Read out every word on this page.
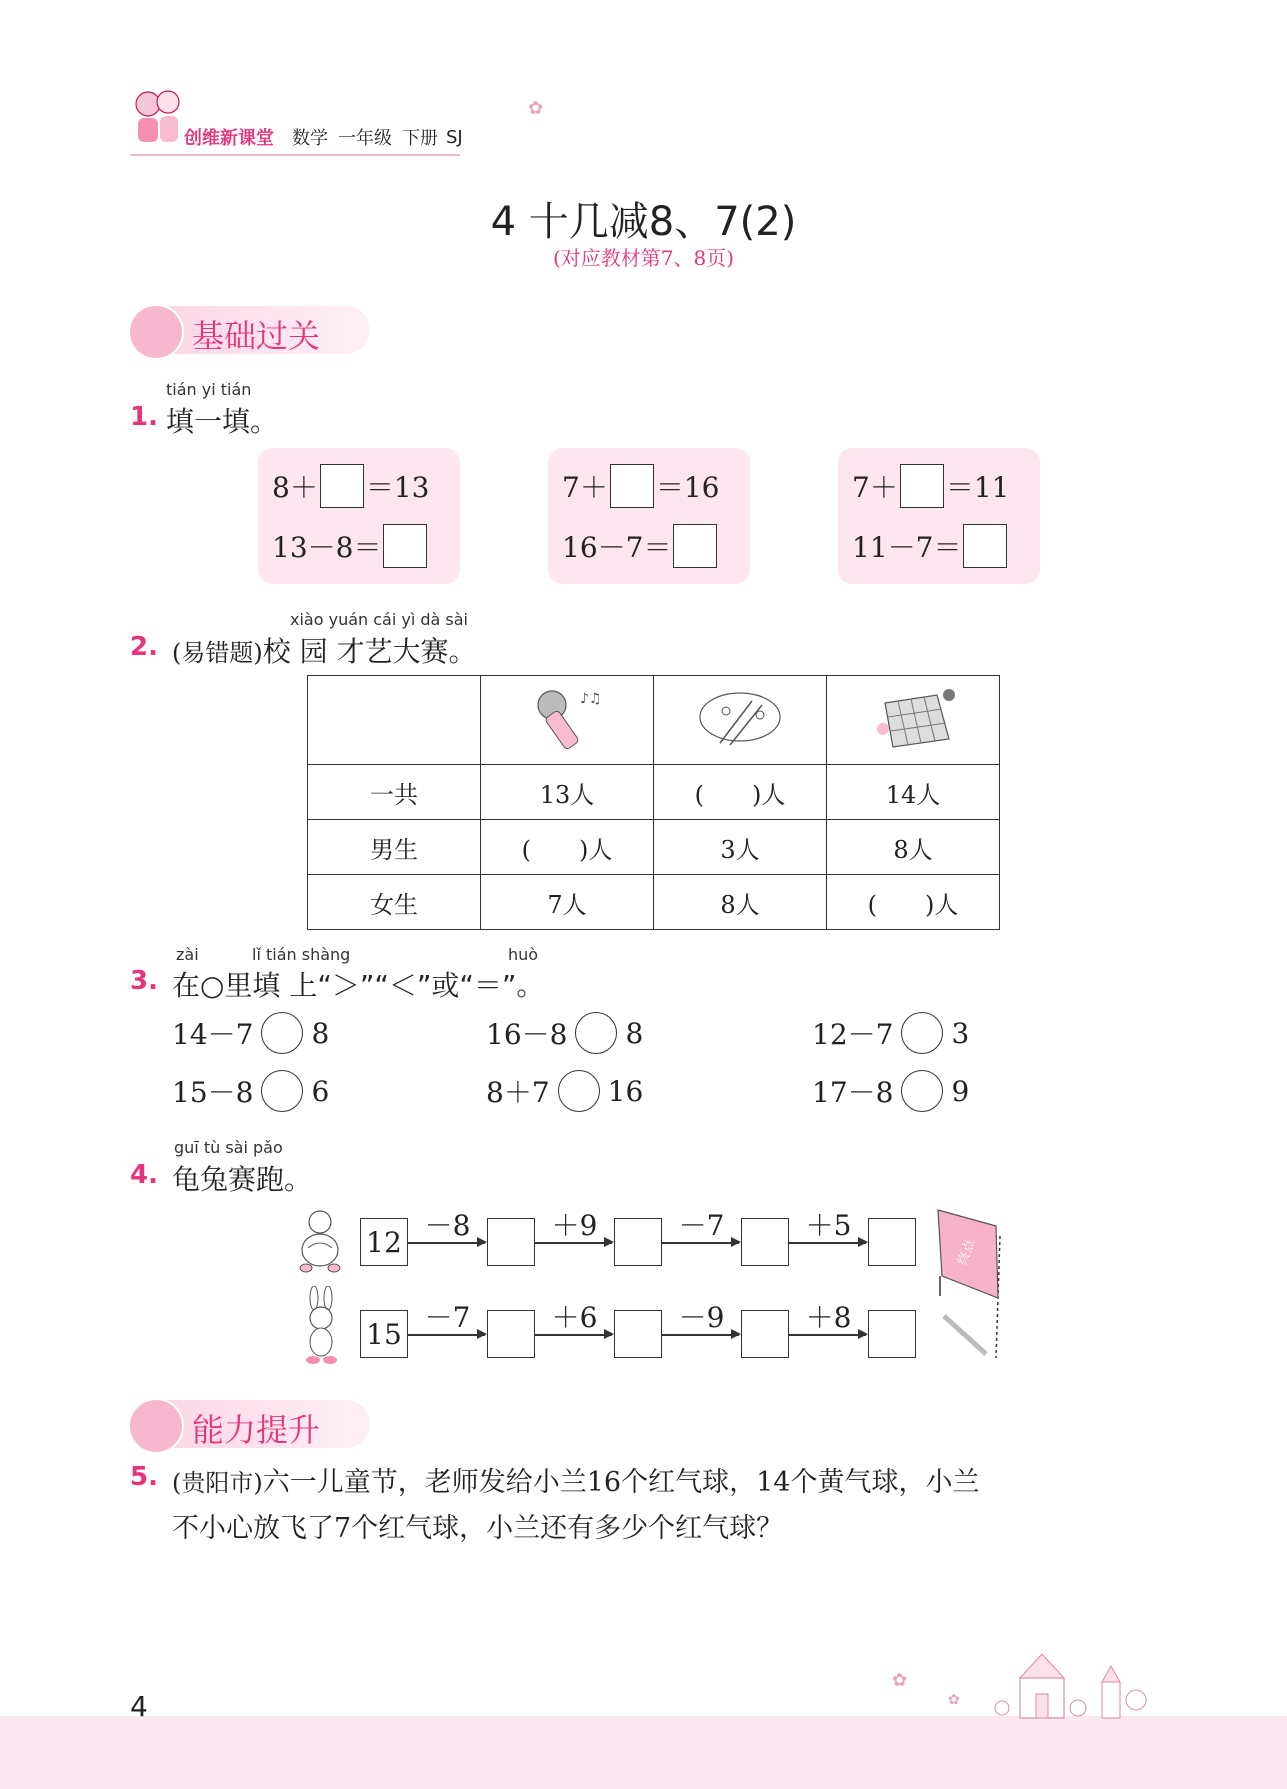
创维新课堂 数学 一年级 下册 SJ
✿
4 十几减8、7(2)
(对应教材第7、8页)
基础过关
tián yi tián
1. 填一填。
8＋ ＝13
13－8＝
7＋ ＝16
16－7＝
7＋ ＝11
11－7＝
xiào yuán cái yì dà sài
2. (易错题)校 园 才艺大赛。

♪♫

一共	13人	(　　)人	14人
男生	(　　)人	3人	8人
女生	7人	8人	(　　)人
zài	lǐ tián shàng	huò
3. 在○里填 上“＞”“＜”或“＝”。
14－7 8	16－8 8	12－7 3
15－8 6	8＋7 16	17－8 9
guī tù sài pǎo
4. 龟兔赛跑。
12 －8	＋9	－7	＋5
15 －7	＋6	－9	＋8
终点
能力提升
5. (贵阳市)六一儿童节，老师发给小兰16个红气球，14个黄气球，小兰
不小心放飞了7个红气球，小兰还有多少个红气球？
4
✿
✿
